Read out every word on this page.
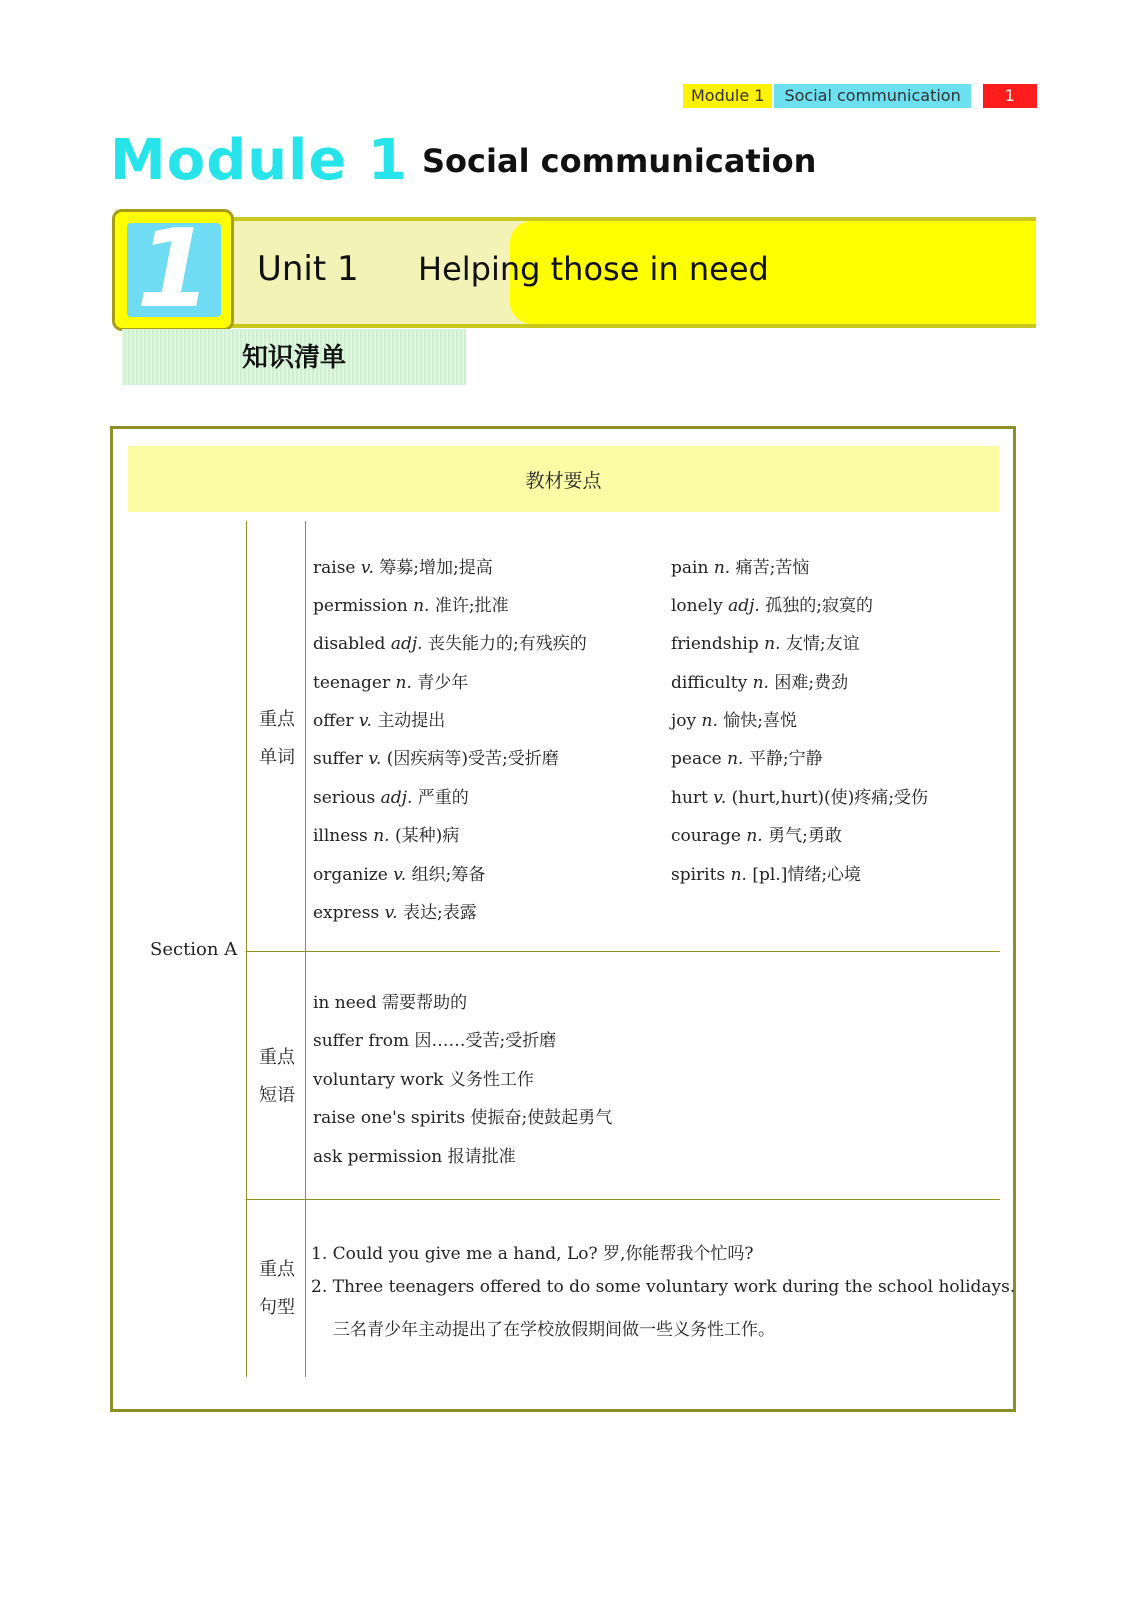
Module 1	Social communication	1
Module 1 Social communication
1 Unit 1 Helping those in need
知识清单
教材要点
Section A
重点
单词
重点
短语
重点
句型
raise v. 筹募;增加;提高
permission n. 准许;批准
disabled adj. 丧失能力的;有残疾的
teenager n. 青少年
offer v. 主动提出
suffer v. (因疾病等)受苦;受折磨
serious adj. 严重的
illness n. (某种)病
organize v. 组织;筹备
express v. 表达;表露
pain n. 痛苦;苦恼
lonely adj. 孤独的;寂寞的
friendship n. 友情;友谊
difficulty n. 困难;费劲
joy n. 愉快;喜悦
peace n. 平静;宁静
hurt v. (hurt,hurt)(使)疼痛;受伤
courage n. 勇气;勇敢
spirits n. [pl.]情绪;心境
in need 需要帮助的
suffer from 因……受苦;受折磨
voluntary work 义务性工作
raise one's spirits 使振奋;使鼓起勇气
ask permission 报请批准
1. Could you give me a hand, Lo? 罗,你能帮我个忙吗?
2. Three teenagers offered to do some voluntary work during the school holidays.
三名青少年主动提出了在学校放假期间做一些义务性工作。
